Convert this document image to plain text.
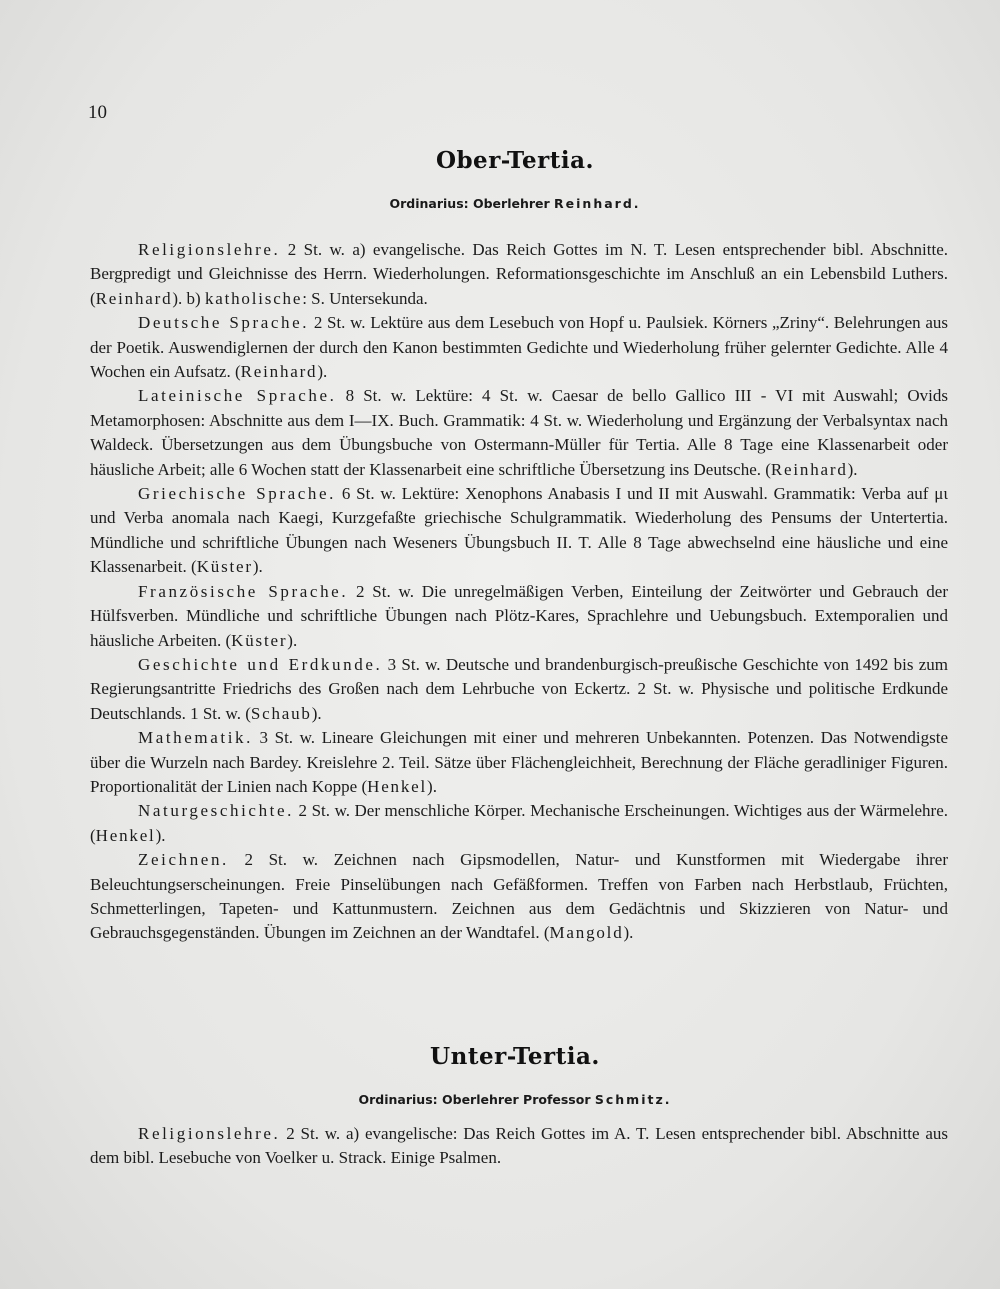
10
Ober-Tertia.
Ordinarius: Oberlehrer Reinhard.

Religionslehre. 2 St. w. a) evangelische. Das Reich Gottes im N. T. Lesen entsprechender bibl. Abschnitte. Bergpredigt und Gleichnisse des Herrn. Wiederholungen. Reformationsgeschichte im Anschluß an ein Lebensbild Luthers. (Reinhard). b) katholische: S. Untersekunda.

Deutsche Sprache. 2 St. w. Lektüre aus dem Lesebuch von Hopf u. Paulsiek. Körners „Zriny“. Belehrungen aus der Poetik. Auswendiglernen der durch den Kanon bestimmten Gedichte und Wiederholung früher gelernter Gedichte. Alle 4 Wochen ein Aufsatz. (Reinhard).

Lateinische Sprache. 8 St. w. Lektüre: 4 St. w. Caesar de bello Gallico III - VI mit Auswahl; Ovids Metamorphosen: Abschnitte aus dem I—IX. Buch. Grammatik: 4 St. w. Wiederholung und Ergänzung der Verbalsyntax nach Waldeck. Übersetzungen aus dem Übungsbuche von Ostermann-Müller für Tertia. Alle 8 Tage eine Klassenarbeit oder häusliche Arbeit; alle 6 Wochen statt der Klassenarbeit eine schriftliche Übersetzung ins Deutsche. (Reinhard).

Griechische Sprache. 6 St. w. Lektüre: Xenophons Anabasis I und II mit Auswahl. Grammatik: Verba auf μι und Verba anomala nach Kaegi, Kurzgefaßte griechische Schulgrammatik. Wiederholung des Pensums der Untertertia. Mündliche und schriftliche Übungen nach Weseners Übungsbuch II. T. Alle 8 Tage abwechselnd eine häusliche und eine Klassenarbeit. (Küster).

Französische Sprache. 2 St. w. Die unregelmäßigen Verben, Einteilung der Zeitwörter und Gebrauch der Hülfsverben. Mündliche und schriftliche Übungen nach Plötz-Kares, Sprachlehre und Uebungsbuch. Extemporalien und häusliche Arbeiten. (Küster).

Geschichte und Erdkunde. 3 St. w. Deutsche und brandenburgisch-preußische Geschichte von 1492 bis zum Regierungsantritte Friedrichs des Großen nach dem Lehrbuche von Eckertz. 2 St. w. Physische und politische Erdkunde Deutschlands. 1 St. w. (Schaub).

Mathematik. 3 St. w. Lineare Gleichungen mit einer und mehreren Unbekannten. Potenzen. Das Notwendigste über die Wurzeln nach Bardey. Kreislehre 2. Teil. Sätze über Flächengleichheit, Berechnung der Fläche geradliniger Figuren. Proportionalität der Linien nach Koppe (Henkel).

Naturgeschichte. 2 St. w. Der menschliche Körper. Mechanische Erscheinungen. Wichtiges aus der Wärmelehre. (Henkel).

Zeichnen. 2 St. w. Zeichnen nach Gipsmodellen, Natur- und Kunstformen mit Wiedergabe ihrer Beleuchtungserscheinungen. Freie Pinselübungen nach Gefäßformen. Treffen von Farben nach Herbstlaub, Früchten, Schmetterlingen, Tapeten- und Kattunmustern. Zeichnen aus dem Gedächtnis und Skizzieren von Natur- und Gebrauchsgegenständen. Übungen im Zeichnen an der Wandtafel. (Mangold).

Unter-Tertia.
Ordinarius: Oberlehrer Professor Schmitz.

Religionslehre. 2 St. w. a) evangelische: Das Reich Gottes im A. T. Lesen entsprechender bibl. Abschnitte aus dem bibl. Lesebuche von Voelker u. Strack. Einige Psalmen.
